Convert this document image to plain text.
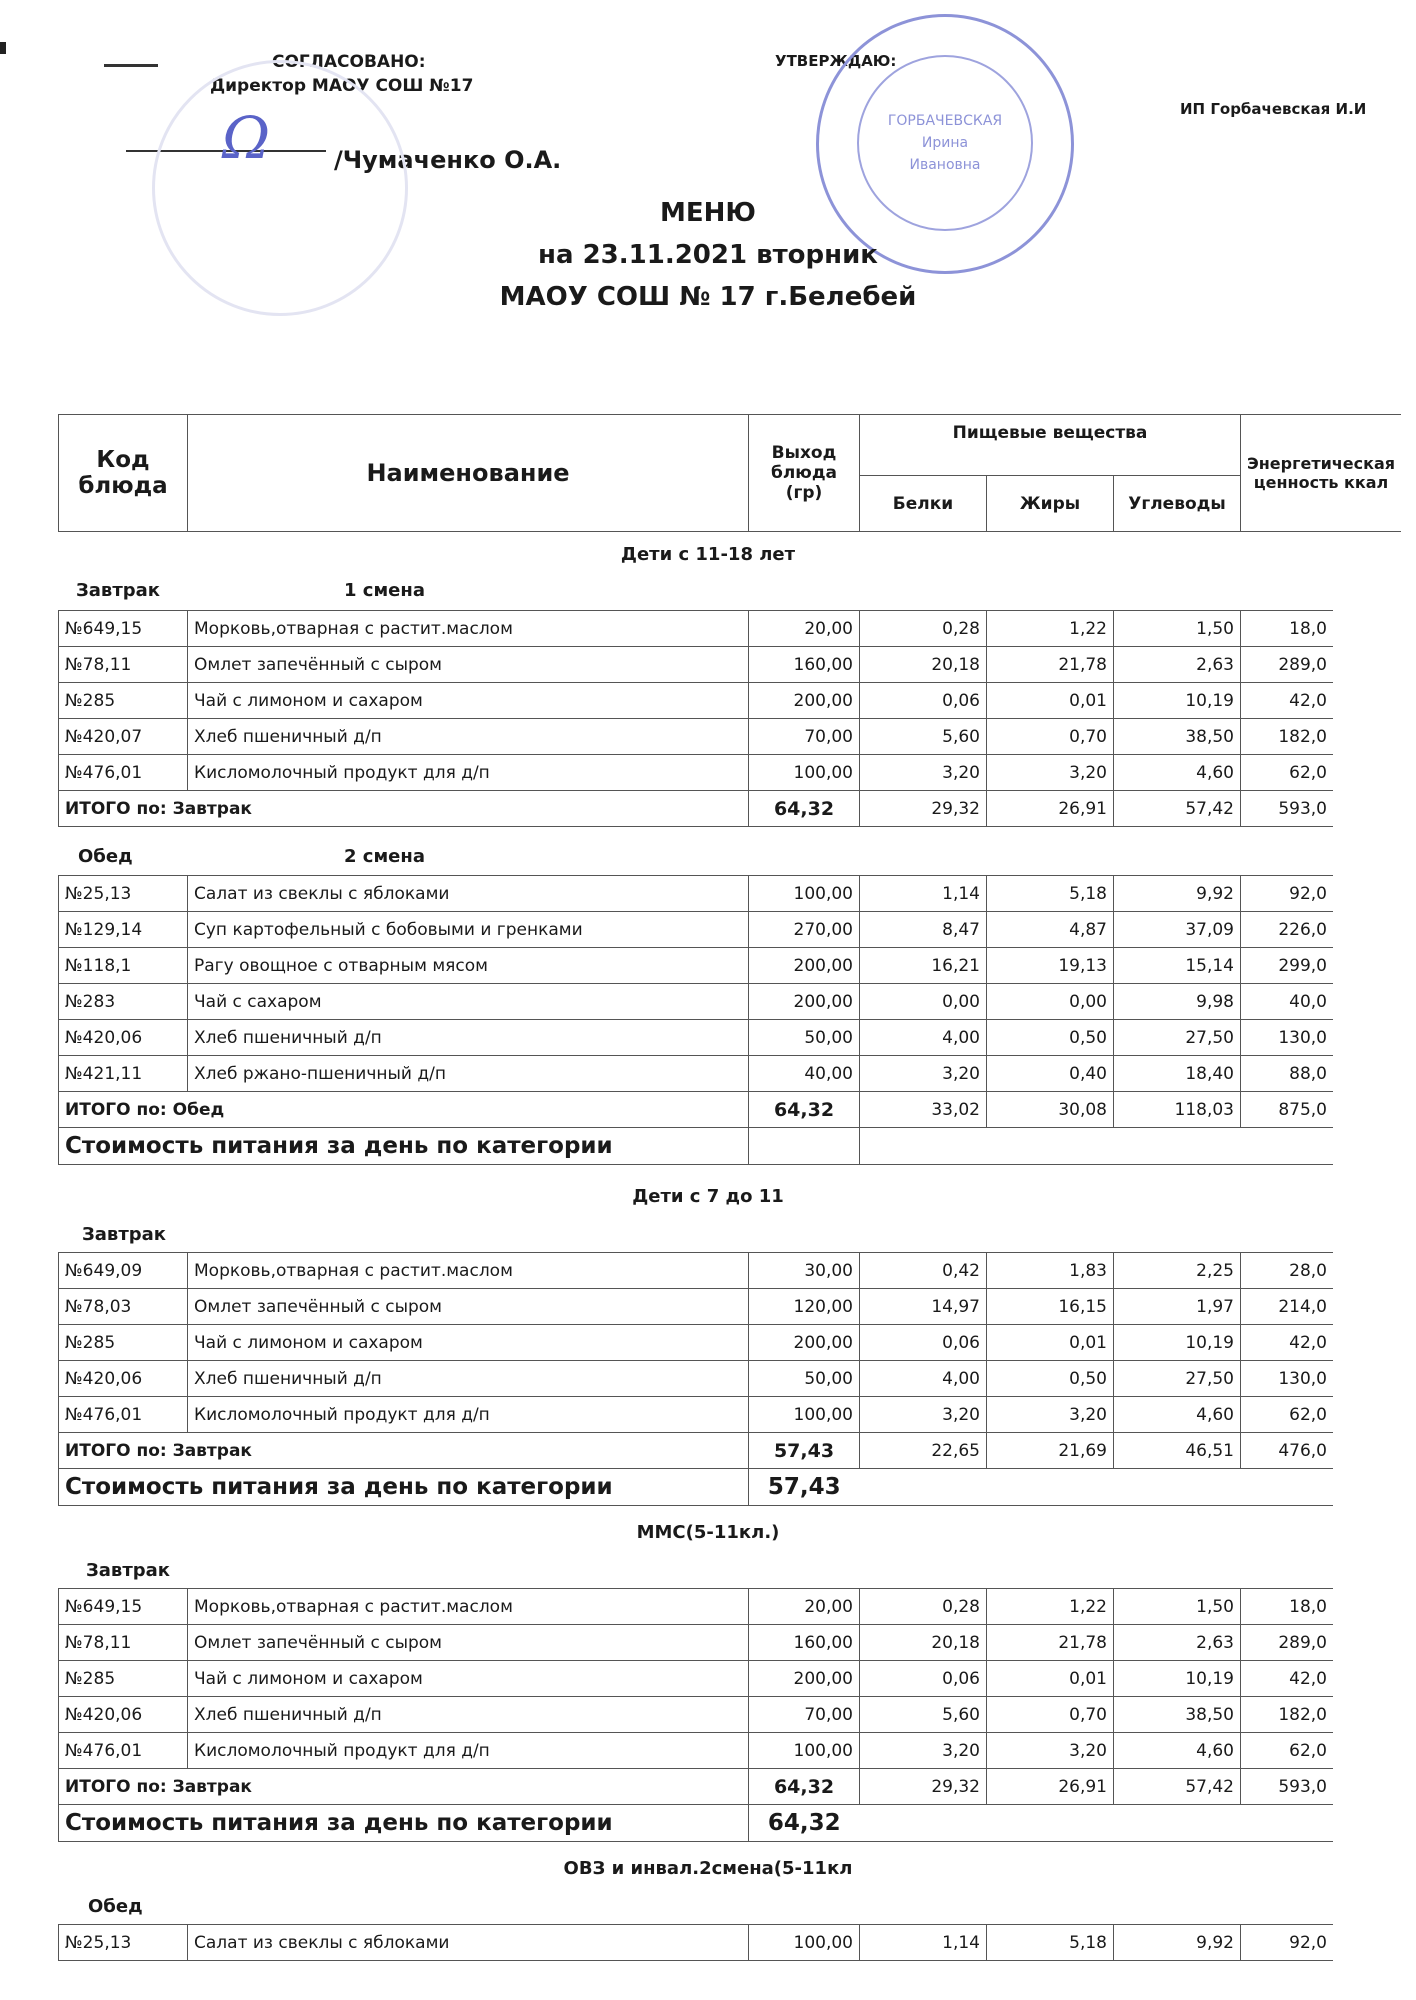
СОГЛАСОВАНО:
Директор МАОУ СОШ №17
Ω	/Чумаченко О.А.
УТВЕРЖДАЮ:
ИП Горбачевская И.И
ГОРБАЧЕВСКАЯ
Ирина
Ивановна
МЕНЮ
на 23.11.2021 вторник
МАОУ СОШ № 17 г.Белебей
Код блюда	Наименование	Выход блюда (гр)	Пищевые вещества			Энергетическая ценность ккал
			Белки	Жиры	Углеводы	
Дети с 11-18 лет
Завтрак	1 смена
№649,15	Морковь,отварная с растит.маслом	20,00	0,28	1,22	1,50	18,0
№78,11	Омлет запечённый с сыром	160,00	20,18	21,78	2,63	289,0
№285	Чай с лимоном и сахаром	200,00	0,06	0,01	10,19	42,0
№420,07	Хлеб пшеничный д/п	70,00	5,60	0,70	38,50	182,0
№476,01	Кисломолочный продукт для д/п	100,00	3,20	3,20	4,60	62,0
ИТОГО по: Завтрак		64,32	29,32	26,91	57,42	593,0
Обед	2 смена
№25,13	Салат из свеклы с яблоками	100,00	1,14	5,18	9,92	92,0
№129,14	Суп картофельный с бобовыми и гренками	270,00	8,47	4,87	37,09	226,0
№118,1	Рагу овощное с отварным мясом	200,00	16,21	19,13	15,14	299,0
№283	Чай с сахаром	200,00	0,00	0,00	9,98	40,0
№420,06	Хлеб пшеничный д/п	50,00	4,00	0,50	27,50	130,0
№421,11	Хлеб ржано-пшеничный д/п	40,00	3,20	0,40	18,40	88,0
ИТОГО по: Обед		64,32	33,02	30,08	118,03	875,0
Стоимость питания за день по категории						
Дети с 7 до 11
Завтрак
№649,09	Морковь,отварная с растит.маслом	30,00	0,42	1,83	2,25	28,0
№78,03	Омлет запечённый с сыром	120,00	14,97	16,15	1,97	214,0
№285	Чай с лимоном и сахаром	200,00	0,06	0,01	10,19	42,0
№420,06	Хлеб пшеничный д/п	50,00	4,00	0,50	27,50	130,0
№476,01	Кисломолочный продукт для д/п	100,00	3,20	3,20	4,60	62,0
ИТОГО по: Завтрак		57,43	22,65	21,69	46,51	476,0
Стоимость питания за день по категории		57,43				
ММС(5-11кл.)
Завтрак
№649,15	Морковь,отварная с растит.маслом	20,00	0,28	1,22	1,50	18,0
№78,11	Омлет запечённый с сыром	160,00	20,18	21,78	2,63	289,0
№285	Чай с лимоном и сахаром	200,00	0,06	0,01	10,19	42,0
№420,06	Хлеб пшеничный д/п	70,00	5,60	0,70	38,50	182,0
№476,01	Кисломолочный продукт для д/п	100,00	3,20	3,20	4,60	62,0
ИТОГО по: Завтрак		64,32	29,32	26,91	57,42	593,0
Стоимость питания за день по категории		64,32				
ОВЗ и инвал.2смена(5-11кл
Обед
№25,13	Салат из свеклы с яблоками	100,00	1,14	5,18	9,92	92,0
